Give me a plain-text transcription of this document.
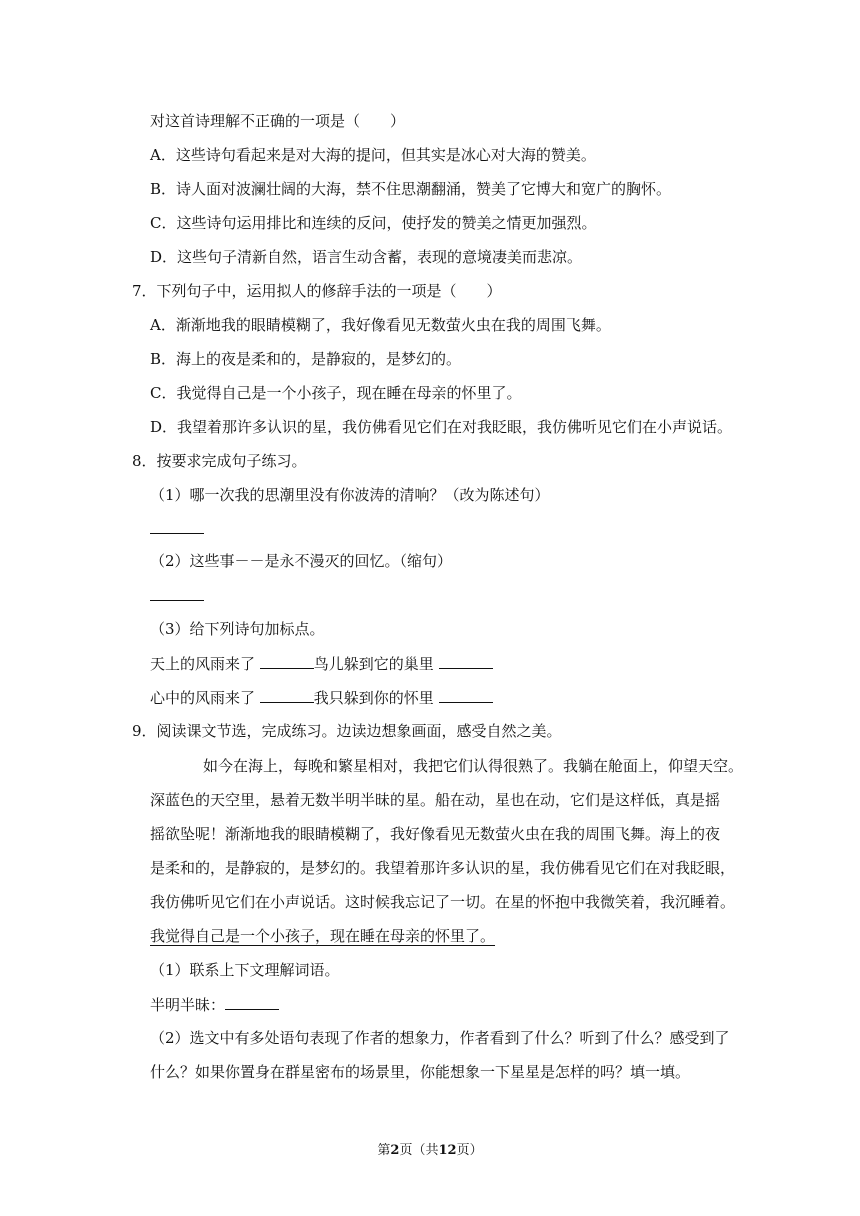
对这首诗理解不正确的一项是（　　）
A．这些诗句看起来是对大海的提问，但其实是冰心对大海的赞美。
B．诗人面对波澜壮阔的大海，禁不住思潮翻涌，赞美了它博大和宽广的胸怀。
C．这些诗句运用排比和连续的反问，使抒发的赞美之情更加强烈。
D．这些句子清新自然，语言生动含蓄，表现的意境凄美而悲凉。
7．下列句子中，运用拟人的修辞手法的一项是（　　）
A．渐渐地我的眼睛模糊了，我好像看见无数萤火虫在我的周围飞舞。
B．海上的夜是柔和的，是静寂的，是梦幻的。
C．我觉得自己是一个小孩子，现在睡在母亲的怀里了。
D．我望着那许多认识的星，我仿佛看见它们在对我眨眼，我仿佛听见它们在小声说话。
8．按要求完成句子练习。
（1）哪一次我的思潮里没有你波涛的清响？（改为陈述句）
（2）这些事－－是永不漫灭的回忆。（缩句）
（3）给下列诗句加标点。
天上的风雨来了	鸟儿躲到它的巢里
心中的风雨来了	我只躲到你的怀里
9．阅读课文节选，完成练习。边读边想象画面，感受自然之美。
如今在海上，每晚和繁星相对，我把它们认得很熟了。我躺在舱面上，仰望天空。
深蓝色的天空里，悬着无数半明半昧的星。船在动，星也在动，它们是这样低，真是摇
摇欲坠呢！渐渐地我的眼睛模糊了，我好像看见无数萤火虫在我的周围飞舞。海上的夜
是柔和的，是静寂的，是梦幻的。我望着那许多认识的星，我仿佛看见它们在对我眨眼，
我仿佛听见它们在小声说话。这时候我忘记了一切。在星的怀抱中我微笑着，我沉睡着。
我觉得自己是一个小孩子，现在睡在母亲的怀里了。
（1）联系上下文理解词语。
半明半昧：
（2）选文中有多处语句表现了作者的想象力，作者看到了什么？听到了什么？感受到了
什么？如果你置身在群星密布的场景里，你能想象一下星星是怎样的吗？填一填。
第2页（共12页）
